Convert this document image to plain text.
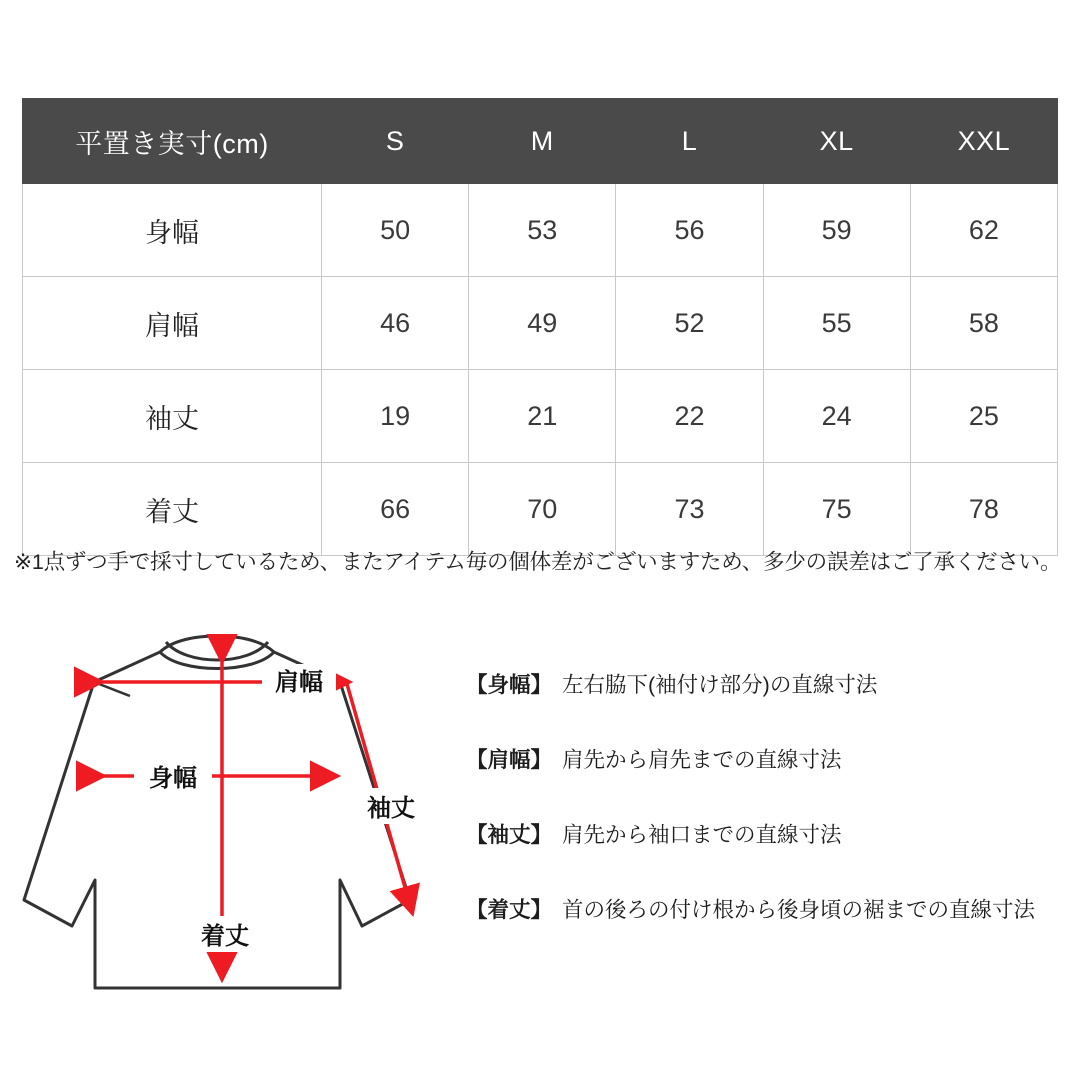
平置き実寸(cm)	S	M	L	XL	XXL
身幅	50	53	56	59	62
肩幅	46	49	52	55	58
袖丈	19	21	22	24	25
着丈	66	70	73	75	78
※1点ずつ手で採寸しているため、またアイテム毎の個体差がございますため、多少の誤差はご了承ください。
肩幅
身幅
袖丈
着丈
【身幅】 左右脇下(袖付け部分)の直線寸法
【肩幅】 肩先から肩先までの直線寸法
【袖丈】 肩先から袖口までの直線寸法
【着丈】 首の後ろの付け根から後身頃の裾までの直線寸法
